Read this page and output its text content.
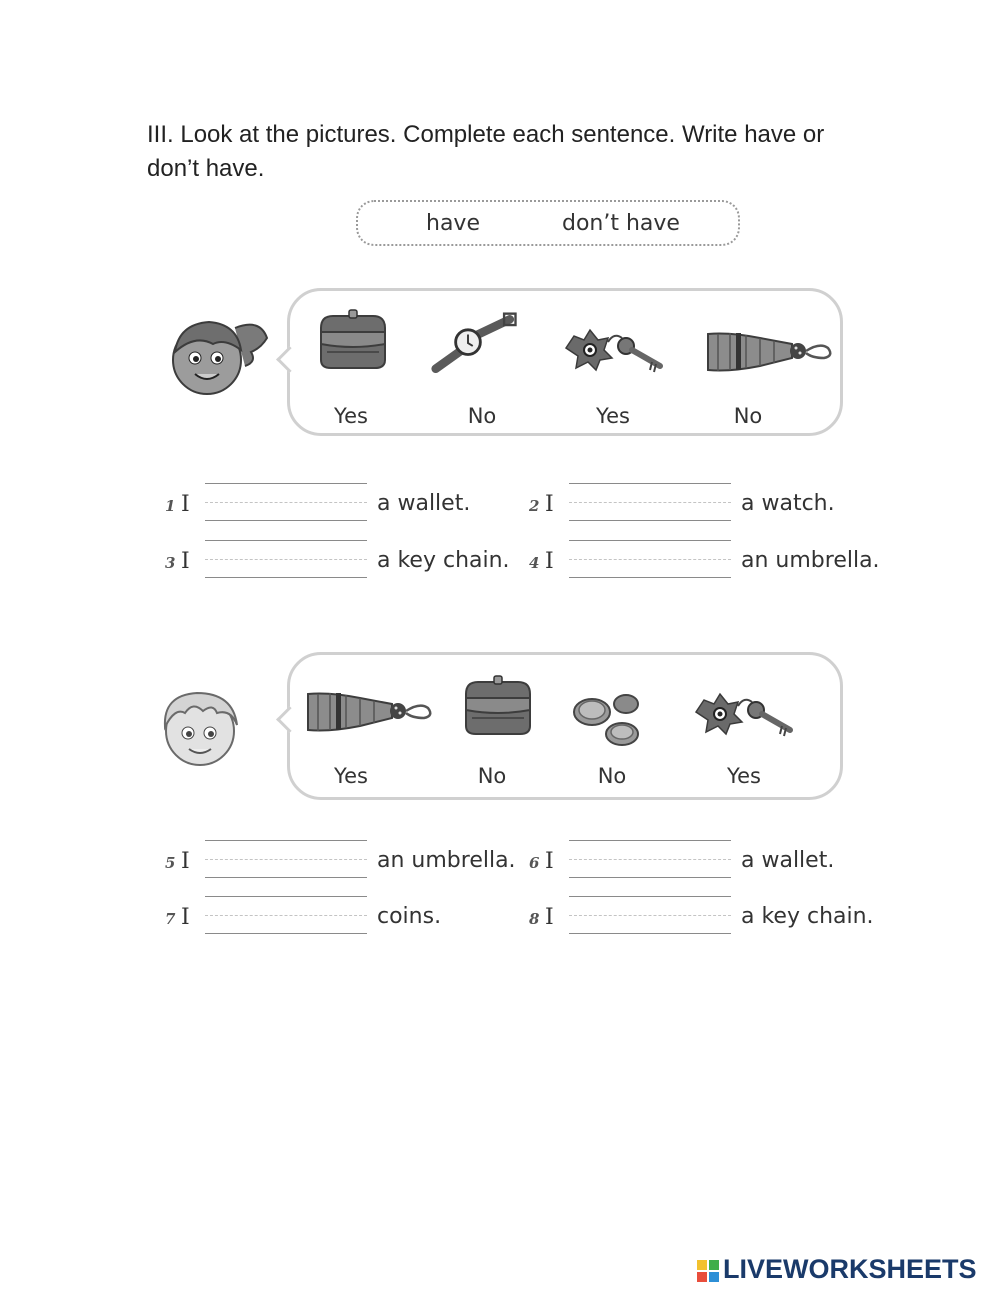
III. Look at the pictures. Complete each sentence. Write have or don’t have.
have	don’t have
Yes	No	Yes	No
1 I	a wallet.	2 I	a watch.
3 I	a key chain. 4 I	an umbrella.
Yes	No	No	Yes
5 I	an umbrella. 6 I	a wallet.
7 I	coins.	8 I	a key chain.
LIVEWORKSHEETS
